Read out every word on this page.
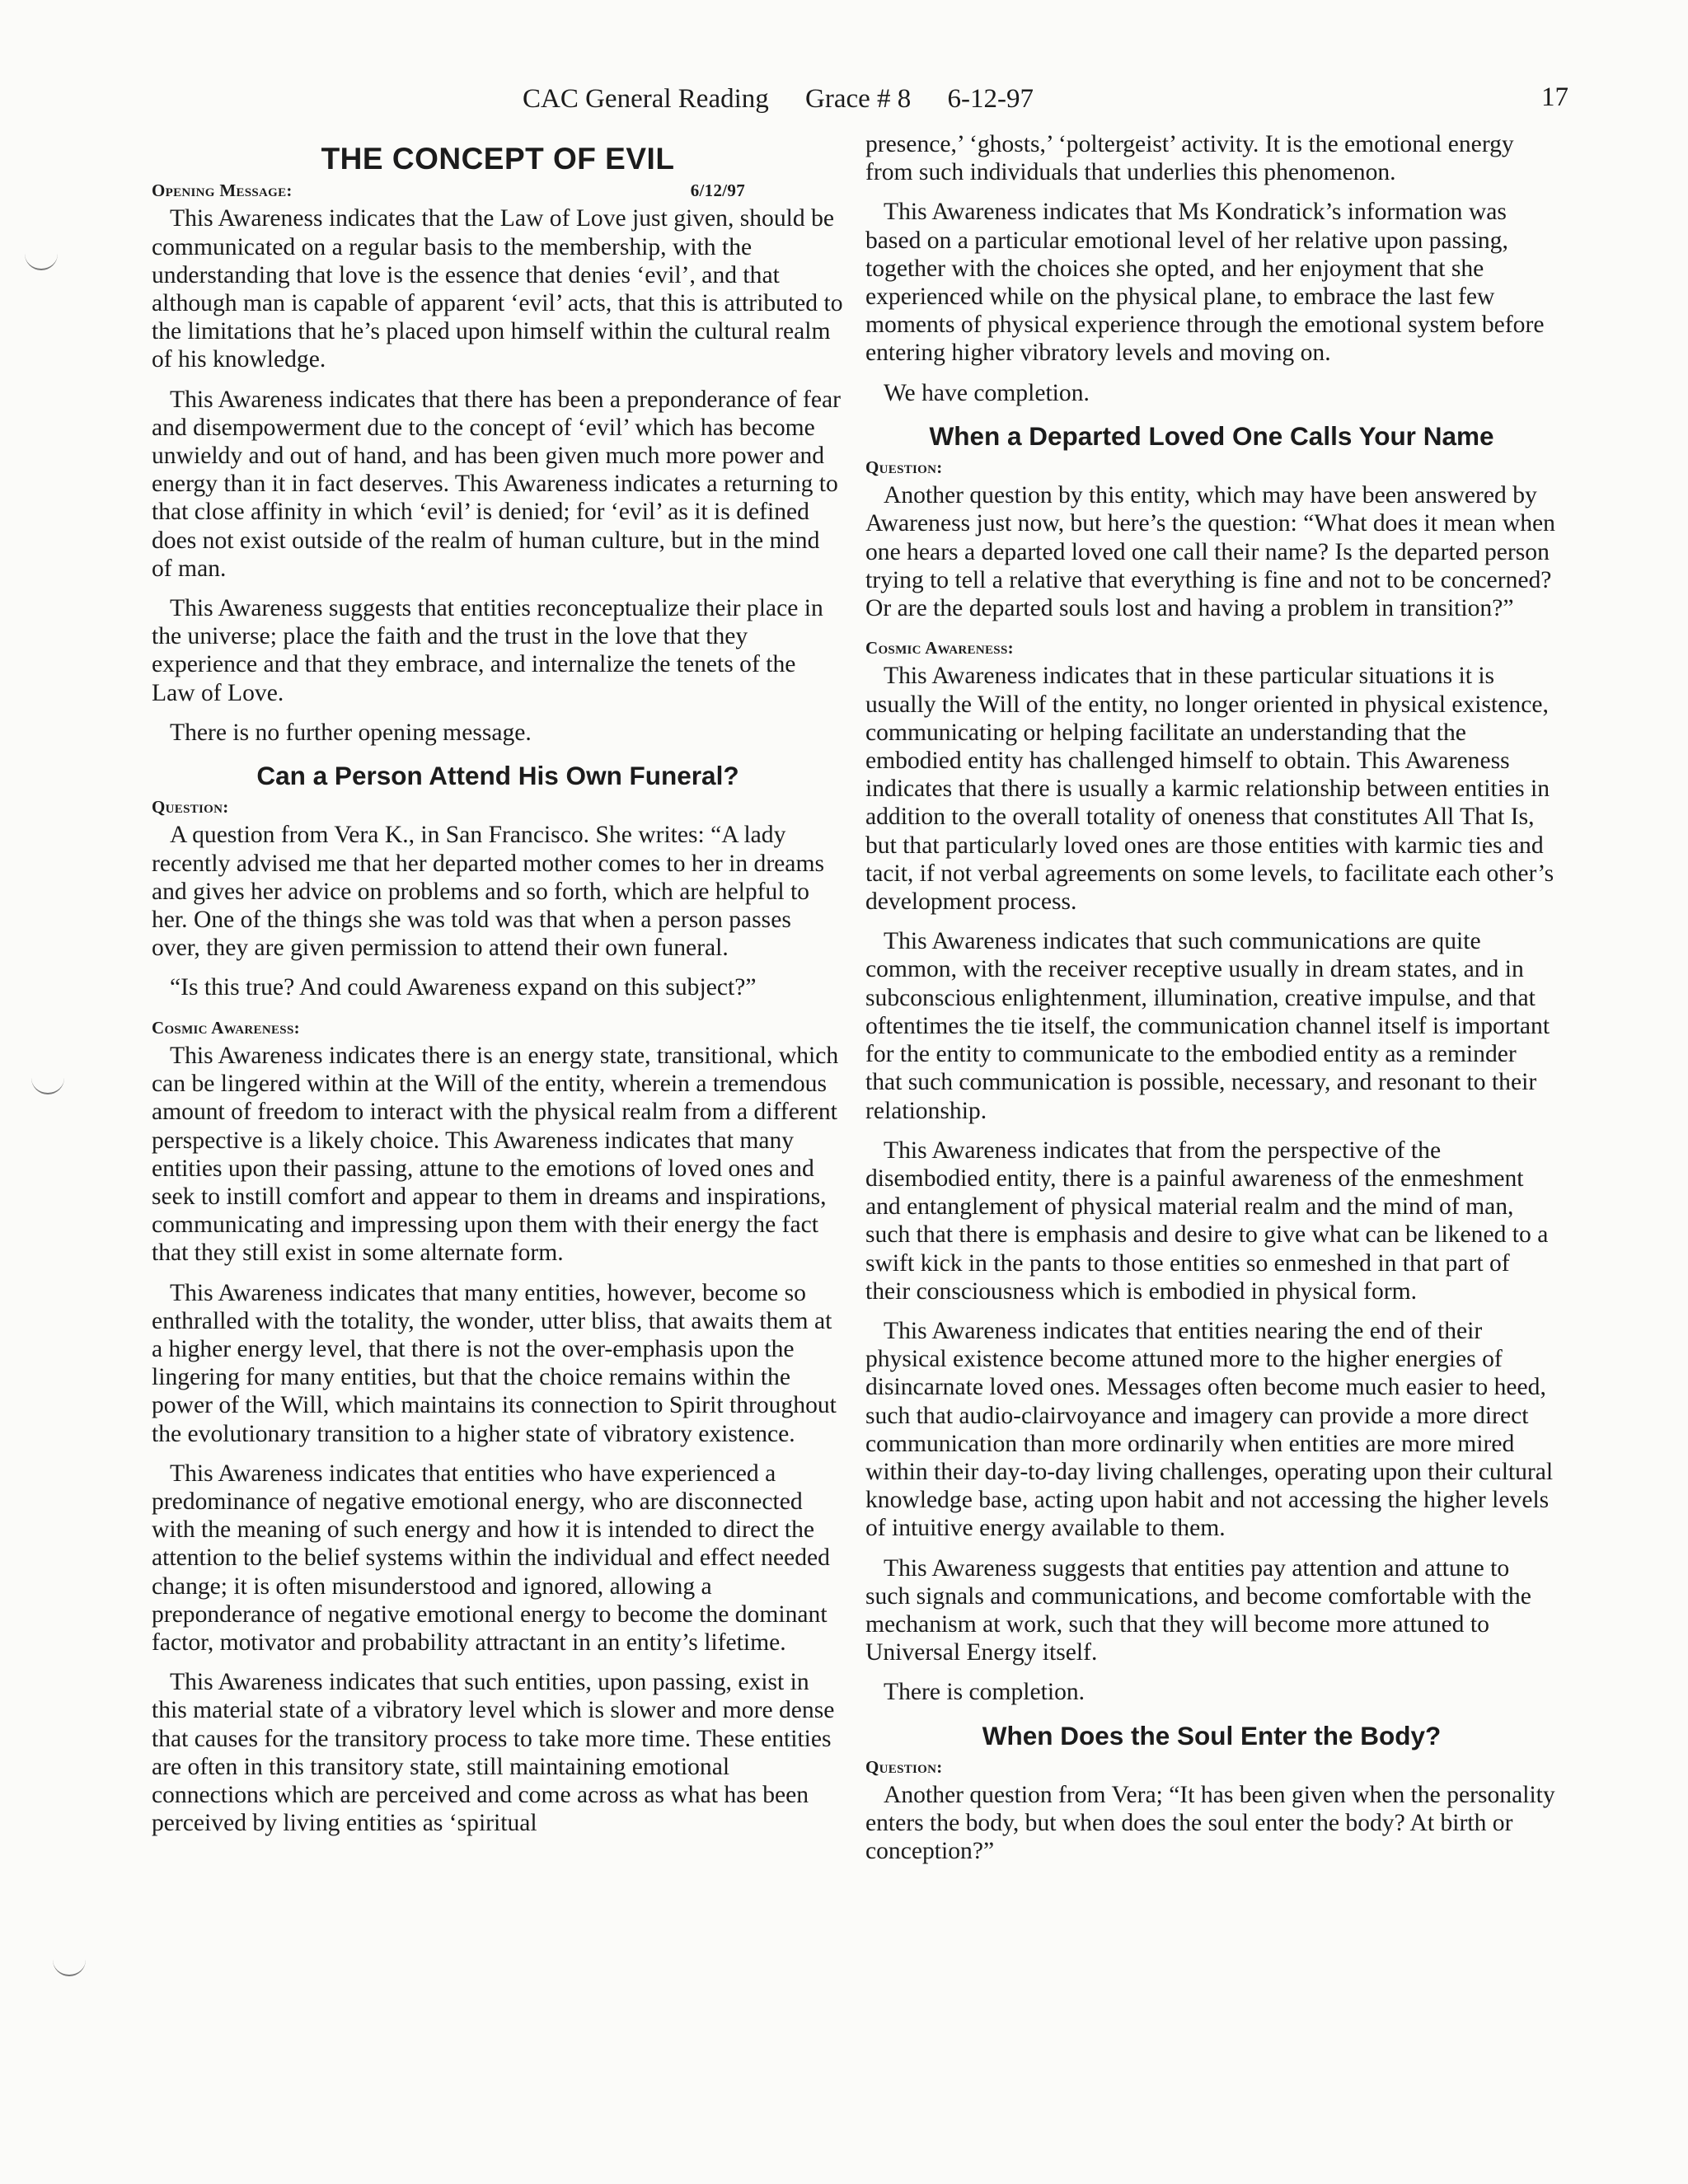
CAC General Reading Grace # 8 6-12-97	17
THE CONCEPT OF EVIL
Opening Message:	6/12/97

This Awareness indicates that the Law of Love just given, should be communicated on a regular basis to the membership, with the understanding that love is the essence that denies ‘evil’, and that although man is capable of apparent ‘evil’ acts, that this is attributed to the limitations that he’s placed upon himself within the cultural realm of his knowledge.

This Awareness indicates that there has been a preponderance of fear and disempowerment due to the concept of ‘evil’ which has become unwieldy and out of hand, and has been given much more power and energy than it in fact deserves. This Awareness indicates a returning to that close affinity in which ‘evil’ is denied; for ‘evil’ as it is defined does not exist outside of the realm of human culture, but in the mind of man.

This Awareness suggests that entities reconceptualize their place in the universe; place the faith and the trust in the love that they experience and that they embrace, and internalize the tenets of the Law of Love.

There is no further opening message.

Can a Person Attend His Own Funeral?
Question:

A question from Vera K., in San Francisco. She writes: “A lady recently advised me that her departed mother comes to her in dreams and gives her advice on problems and so forth, which are helpful to her. One of the things she was told was that when a person passes over, they are given permission to attend their own funeral.

“Is this true? And could Awareness expand on this subject?”

Cosmic Awareness:

This Awareness indicates there is an energy state, transitional, which can be lingered within at the Will of the entity, wherein a tremendous amount of freedom to interact with the physical realm from a different perspective is a likely choice. This Awareness indicates that many entities upon their passing, attune to the emotions of loved ones and seek to instill comfort and appear to them in dreams and inspirations, communicating and impressing upon them with their energy the fact that they still exist in some alternate form.

This Awareness indicates that many entities, however, become so enthralled with the totality, the wonder, utter bliss, that awaits them at a higher energy level, that there is not the over-emphasis upon the lingering for many entities, but that the choice remains within the power of the Will, which maintains its connection to Spirit throughout the evolutionary transition to a higher state of vibratory existence.

This Awareness indicates that entities who have experienced a predominance of negative emotional energy, who are disconnected with the meaning of such energy and how it is intended to direct the attention to the belief systems within the individual and effect needed change; it is often misunderstood and ignored, allowing a preponderance of negative emotional energy to become the dominant factor, motivator and probability attractant in an entity’s lifetime.

This Awareness indicates that such entities, upon passing, exist in this material state of a vibratory level which is slower and more dense that causes for the transitory process to take more time. These entities are often in this transitory state, still maintaining emotional connections which are perceived and come across as what has been perceived by living entities as ‘spiritual

presence,’ ‘ghosts,’ ‘poltergeist’ activity. It is the emotional energy from such individuals that underlies this phenomenon.

This Awareness indicates that Ms Kondratick’s information was based on a particular emotional level of her relative upon passing, together with the choices she opted, and her enjoyment that she experienced while on the physical plane, to embrace the last few moments of physical experience through the emotional system before entering higher vibratory levels and moving on.

We have completion.

When a Departed Loved One Calls Your Name
Question:

Another question by this entity, which may have been answered by Awareness just now, but here’s the question: “What does it mean when one hears a departed loved one call their name? Is the departed person trying to tell a relative that everything is fine and not to be concerned? Or are the departed souls lost and having a problem in transition?”

Cosmic Awareness:

This Awareness indicates that in these particular situations it is usually the Will of the entity, no longer oriented in physical existence, communicating or helping facilitate an understanding that the embodied entity has challenged himself to obtain. This Awareness indicates that there is usually a karmic relationship between entities in addition to the overall totality of oneness that constitutes All That Is, but that particularly loved ones are those entities with karmic ties and tacit, if not verbal agreements on some levels, to facilitate each other’s development process.

This Awareness indicates that such communications are quite common, with the receiver receptive usually in dream states, and in subconscious enlightenment, illumination, creative impulse, and that oftentimes the tie itself, the communication channel itself is important for the entity to communicate to the embodied entity as a reminder that such communication is possible, necessary, and resonant to their relationship.

This Awareness indicates that from the perspective of the disembodied entity, there is a painful awareness of the enmeshment and entanglement of physical material realm and the mind of man, such that there is emphasis and desire to give what can be likened to a swift kick in the pants to those entities so enmeshed in that part of their consciousness which is embodied in physical form.

This Awareness indicates that entities nearing the end of their physical existence become attuned more to the higher energies of disincarnate loved ones. Messages often become much easier to heed, such that audio-clairvoyance and imagery can provide a more direct communication than more ordinarily when entities are more mired within their day-to-day living challenges, operating upon their cultural knowledge base, acting upon habit and not accessing the higher levels of intuitive energy available to them.

This Awareness suggests that entities pay attention and attune to such signals and communications, and become comfortable with the mechanism at work, such that they will become more attuned to Universal Energy itself.

There is completion.

When Does the Soul Enter the Body?
Question:

Another question from Vera; “It has been given when the personality enters the body, but when does the soul enter the body? At birth or conception?”
